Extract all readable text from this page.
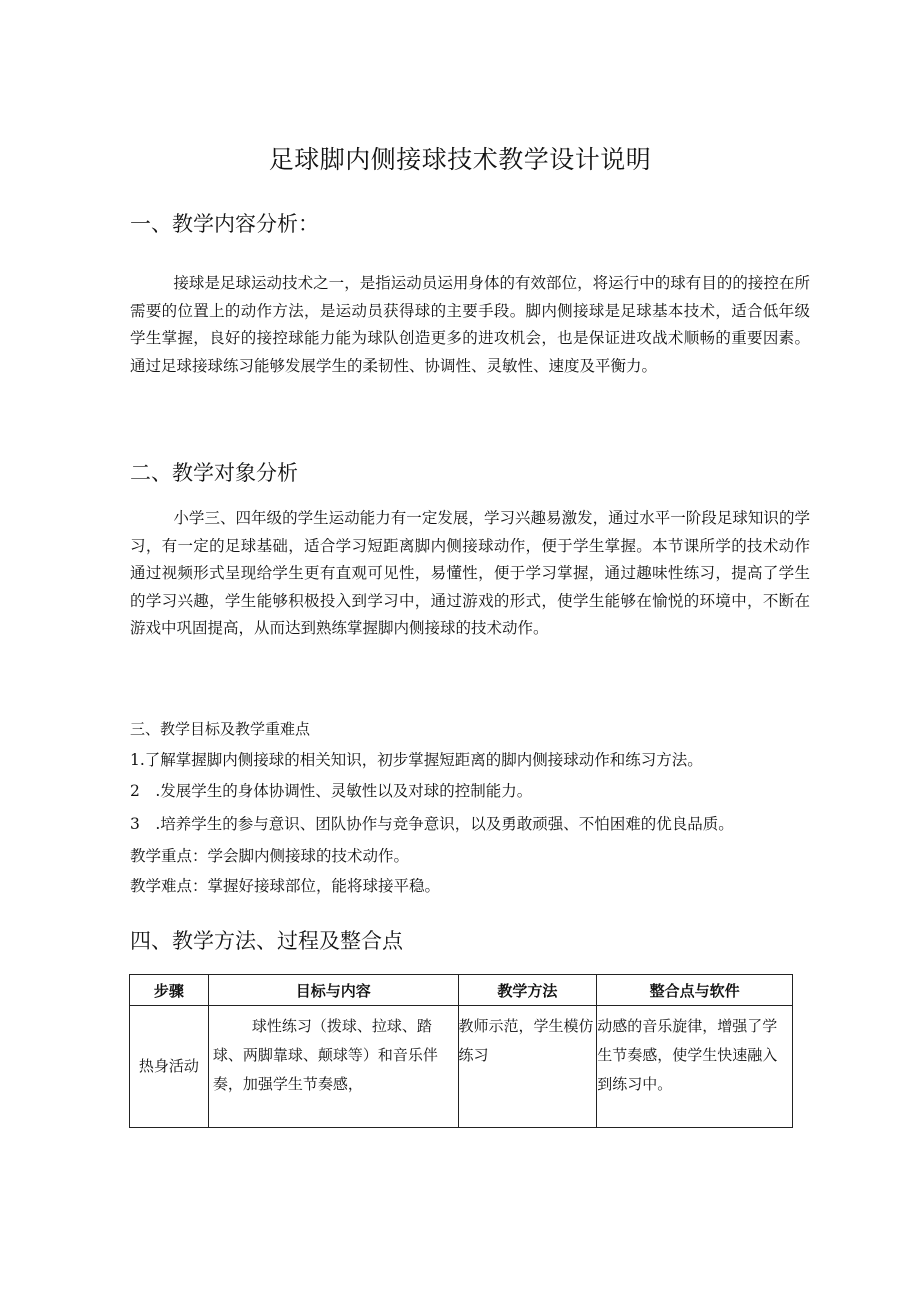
足球脚内侧接球技术教学设计说明
一、教学内容分析：

接球是足球运动技术之一，是指运动员运用身体的有效部位，将运行中的球有目的的接控在所需要的位置上的动作方法，是运动员获得球的主要手段。脚内侧接球是足球基本技术，适合低年级学生掌握，良好的接控球能力能为球队创造更多的进攻机会，也是保证进攻战术顺畅的重要因素。通过足球接球练习能够发展学生的柔韧性、协调性、灵敏性、速度及平衡力。

二、教学对象分析

小学三、四年级的学生运动能力有一定发展，学习兴趣易激发，通过水平一阶段足球知识的学习，有一定的足球基础，适合学习短距离脚内侧接球动作，便于学生掌握。本节课所学的技术动作通过视频形式呈现给学生更有直观可见性，易懂性，便于学习掌握，通过趣味性练习，提高了学生的学习兴趣，学生能够积极投入到学习中，通过游戏的形式，使学生能够在愉悦的环境中，不断在游戏中巩固提高，从而达到熟练掌握脚内侧接球的技术动作。

三、教学目标及教学重难点
1.了解掌握脚内侧接球的相关知识，初步掌握短距离的脚内侧接球动作和练习方法。
2 .发展学生的身体协调性、灵敏性以及对球的控制能力。
3 .培养学生的参与意识、团队协作与竞争意识，以及勇敢顽强、不怕困难的优良品质。
教学重点：学会脚内侧接球的技术动作。
教学难点：掌握好接球部位，能将球接平稳。
四、教学方法、过程及整合点
步骤	目标与内容	教学方法	整合点与软件
热身活动	球性练习（拨球、拉球、踏球、两脚靠球、颠球等）和音乐伴奏，加强学生节奏感，	教师示范，学生模仿练习	动感的音乐旋律，增强了学生节奏感，使学生快速融入到练习中。
